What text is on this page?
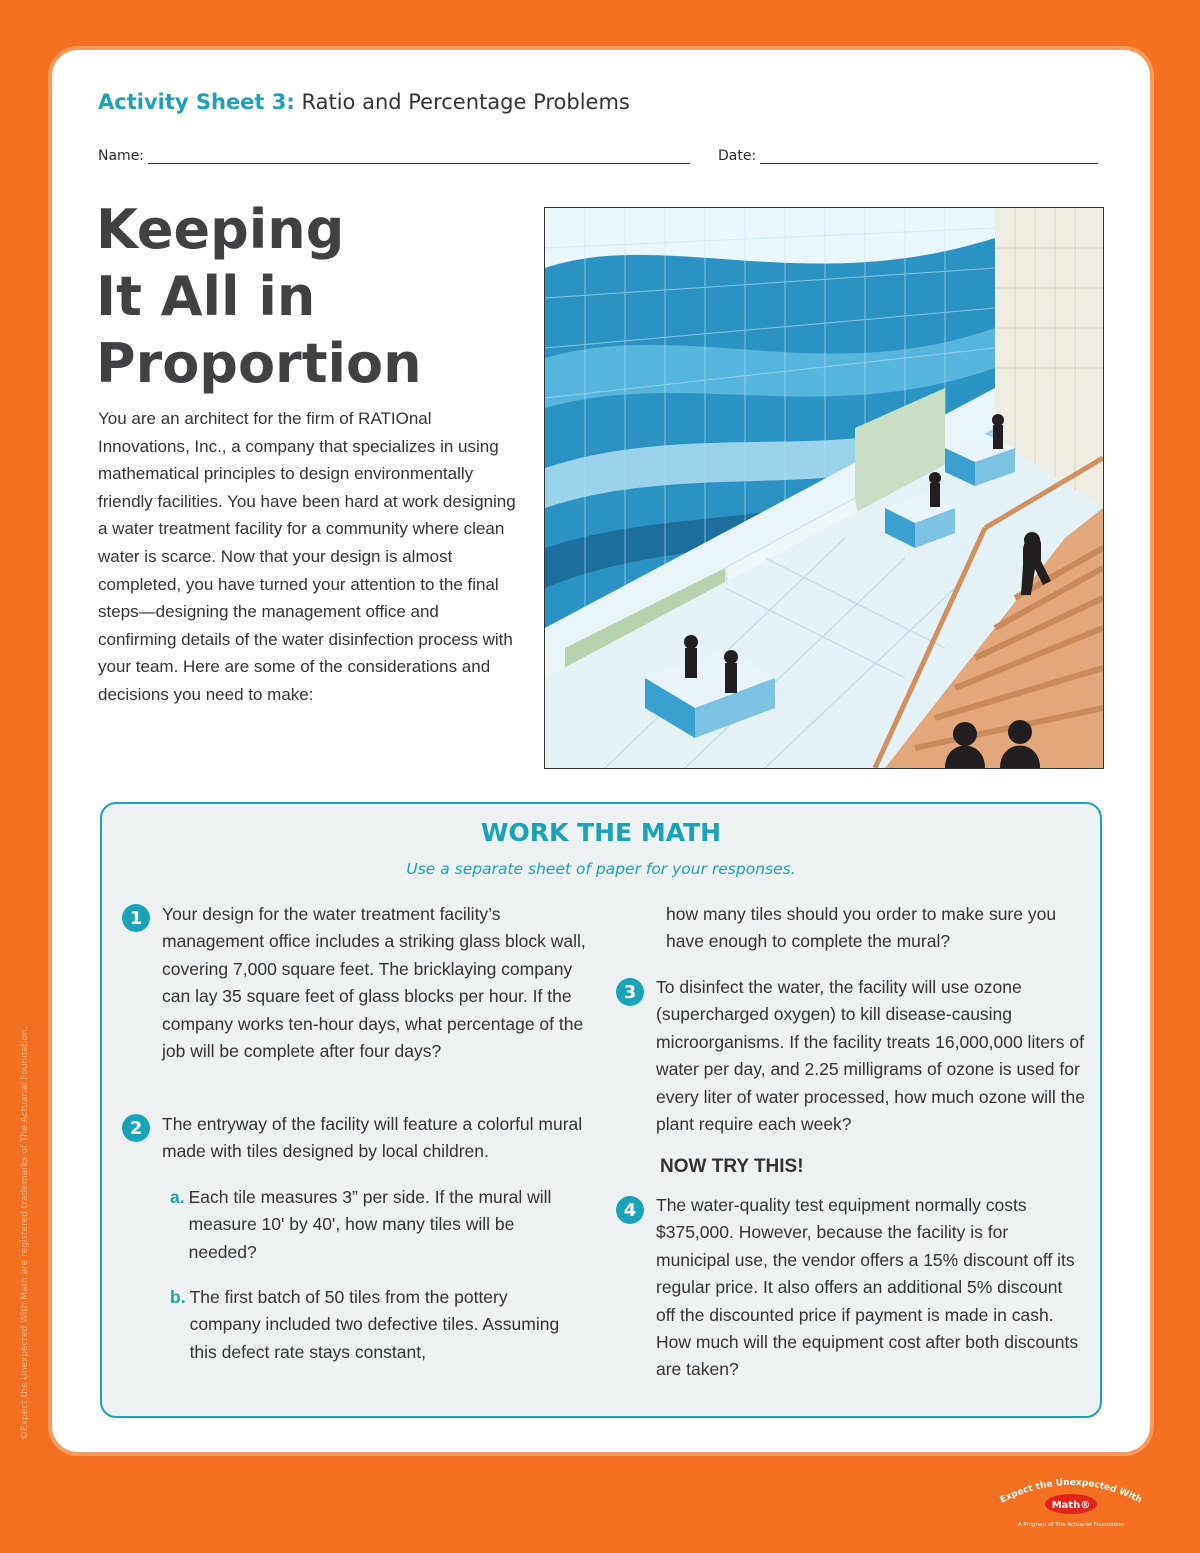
©Expect the Unexpected With Math are registered trademarks of The Actuarial Foundation.
Activity Sheet 3: Ratio and Percentage Problems
Name:	Date:
Keeping
It All in
Proportion
You are an architect for the firm of RATIOnal Innovations, Inc., a company that specializes in using mathematical principles to design environmentally friendly facilities. You have been hard at work designing a water treatment facility for a community where clean water is scarce. Now that your design is almost completed, you have turned your attention to the final steps—designing the management office and confirming details of the water disinfection process with your team. Here are some of the considerations and decisions you need to make:
WORK THE MATH
Use a separate sheet of paper for your responses.
1	Your design for the water treatment facility’s management office includes a striking glass block wall, covering 7,000 square feet. The bricklaying company can lay 35 square feet of glass blocks per hour. If the company works ten-hour days, what percentage of the job will be complete after four days?
2	The entryway of the facility will feature a colorful mural made with tiles designed by local children.
a. Each tile measures 3” per side. If the mural will measure 10' by 40', how many tiles will be needed?
b. The first batch of 50 tiles from the pottery company included two defective tiles. Assuming this defect rate stays constant,
how many tiles should you order to make sure you have enough to complete the mural?
3	To disinfect the water, the facility will use ozone (supercharged oxygen) to kill disease-causing microorganisms. If the facility treats 16,000,000 liters of water per day, and 2.25 milligrams of ozone is used for every liter of water processed, how much ozone will the plant require each week?
NOW TRY THIS!
4	The water-quality test equipment normally costs $375,000. However, because the facility is for municipal use, the vendor offers a 15% discount off its regular price. It also offers an additional 5% discount off the discounted price if payment is made in cash. How much will the equipment cost after both discounts are taken?
Expect the Unexpected With
Math®
A Program of The Actuarial Foundation
